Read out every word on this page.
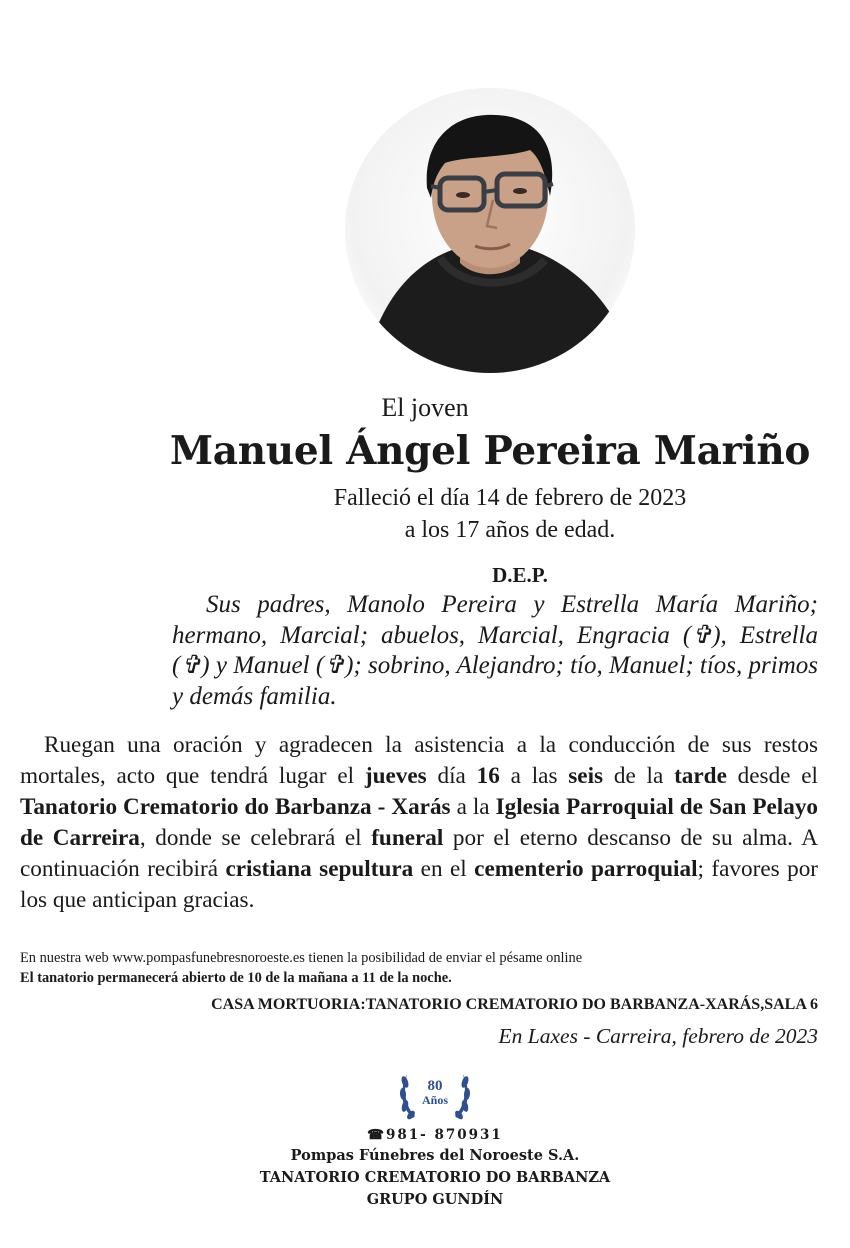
El joven
Manuel Ángel Pereira Mariño
Falleció el día 14 de febrero de 2023
a los 17 años de edad.
D.E.P.
Sus padres, Manolo Pereira y Estrella María Mariño; hermano, Marcial; abuelos, Marcial, Engracia (✞), Estrella (✞) y Manuel (✞); sobrino, Alejandro; tío, Manuel; tíos, primos y demás familia.
Ruegan una oración y agradecen la asistencia a la conducción de sus restos mortales, acto que tendrá lugar el jueves día 16 a las seis de la tarde desde el Tanatorio Crematorio do Barbanza - Xarás a la Iglesia Parroquial de San Pelayo de Carreira, donde se celebrará el funeral por el eterno descanso de su alma. A continuación recibirá cristiana sepultura en el cementerio parroquial; favores por los que anticipan gracias.
En nuestra web www.pompasfunebresnoroeste.es tienen la posibilidad de enviar el pésame online
El tanatorio permanecerá abierto de 10 de la mañana a 11 de la noche.
CASA MORTUORIA:TANATORIO CREMATORIO DO BARBANZA-XARÁS,SALA 6
En Laxes - Carreira, febrero de 2023
80
Años
☎981- 870931
Pompas Fúnebres del Noroeste S.A.
TANATORIO CREMATORIO DO BARBANZA
GRUPO GUNDÍN
